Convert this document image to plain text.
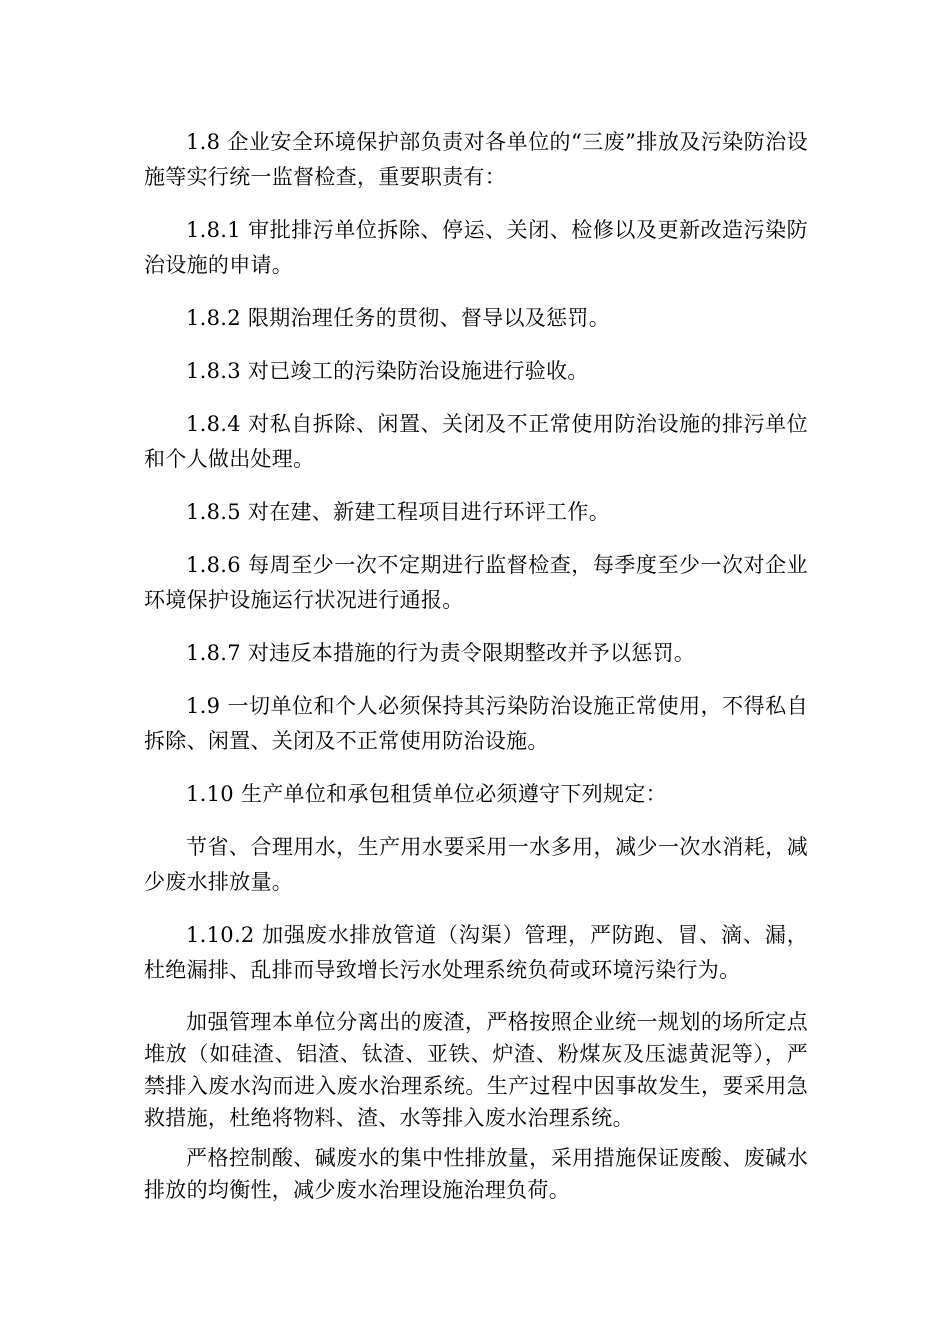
1.8 企业安全环境保护部负责对各单位的“三废”排放及污染防治设施等实行统一监督检查，重要职责有：

1.8.1 审批排污单位拆除、停运、关闭、检修以及更新改造污染防治设施的申请。

1.8.2 限期治理任务的贯彻、督导以及惩罚。

1.8.3 对已竣工的污染防治设施进行验收。

1.8.4 对私自拆除、闲置、关闭及不正常使用防治设施的排污单位和个人做出处理。

1.8.5 对在建、新建工程项目进行环评工作。

1.8.6 每周至少一次不定期进行监督检查，每季度至少一次对企业环境保护设施运行状况进行通报。

1.8.7 对违反本措施的行为责令限期整改并予以惩罚。

1.9 一切单位和个人必须保持其污染防治设施正常使用，不得私自拆除、闲置、关闭及不正常使用防治设施。

1.10 生产单位和承包租赁单位必须遵守下列规定：

节省、合理用水，生产用水要采用一水多用，减少一次水消耗，减少废水排放量。

1.10.2 加强废水排放管道（沟渠）管理，严防跑、冒、滴、漏，杜绝漏排、乱排而导致增长污水处理系统负荷或环境污染行为。

加强管理本单位分离出的废渣，严格按照企业统一规划的场所定点堆放（如硅渣、铝渣、钛渣、亚铁、炉渣、粉煤灰及压滤黄泥等），严禁排入废水沟而进入废水治理系统。生产过程中因事故发生，要采用急救措施，杜绝将物料、渣、水等排入废水治理系统。

严格控制酸、碱废水的集中性排放量，采用措施保证废酸、废碱水排放的均衡性，减少废水治理设施治理负荷。
